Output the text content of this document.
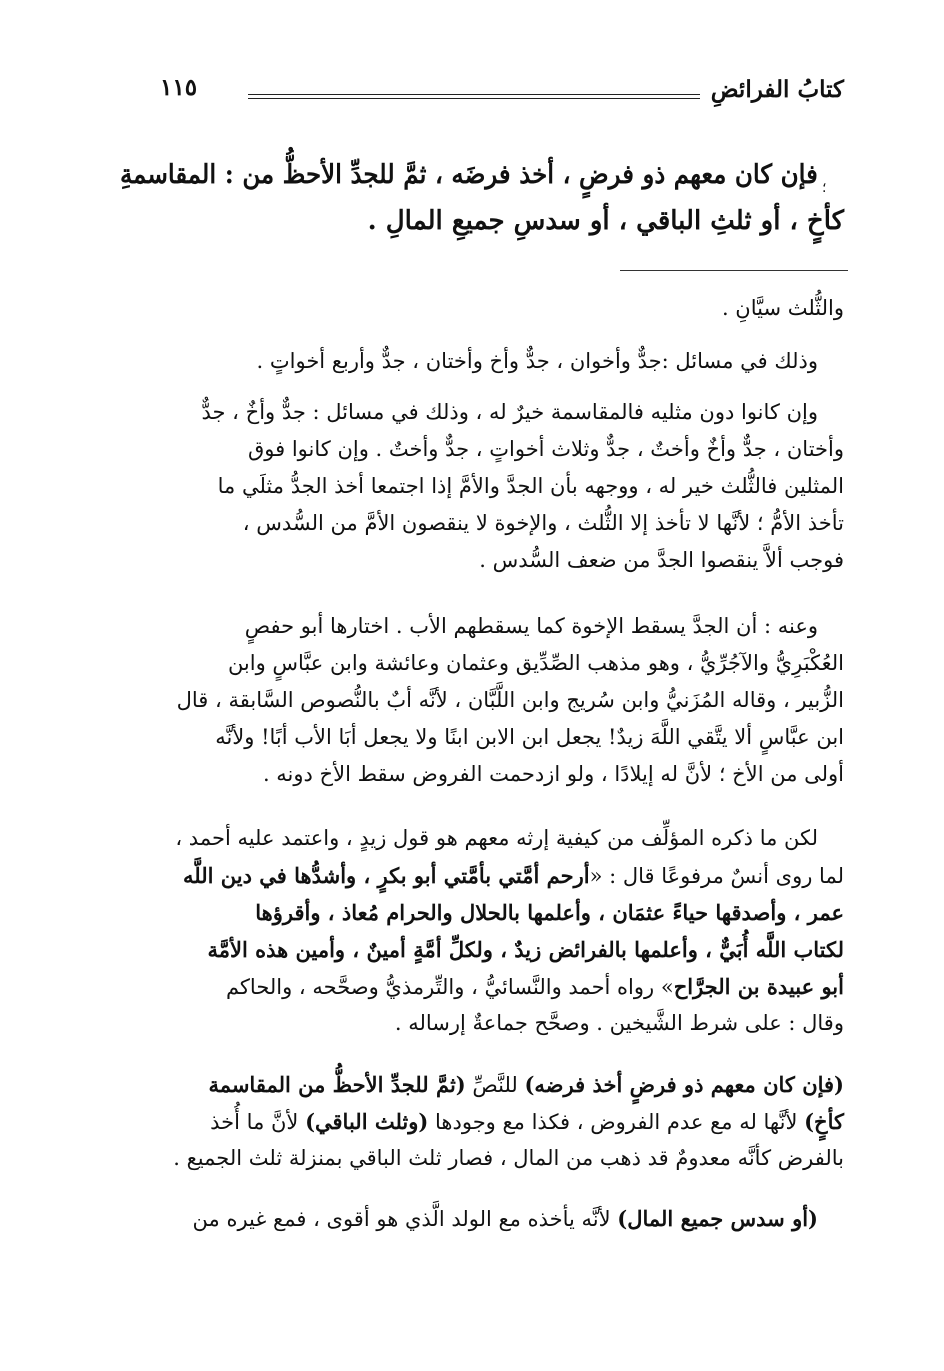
كتابُ الفرائضِ
١١٥
؛
فإن كان معهم ذو فرضٍ ، أخذ فرضَه ، ثمَّ للجدِّ الأحظُّ من : المقاسمةِ
كأخٍ ، أو ثلثِ الباقي ، أو سدسِ جميعِ المالِ .
والثُّلث سيَّانِ .
وذلك في مسائل :جدٌّ وأخوان ، جدٌّ وأخ وأختان ، جدٌّ وأربع أخواتٍ .
وإن كانوا دون مثليه فالمقاسمة خيرٌ له ، وذلك في مسائل : جدٌّ وأخٌ ، جدٌّ
وأختان ، جدٌّ وأخٌ وأختٌ ، جدٌّ وثلاث أخواتٍ ، جدٌّ وأختٌ . وإن كانوا فوق
المثلين فالثُّلث خير له ، ووجهه بأن الجدَّ والأمَّ إذا اجتمعا أخذ الجدُّ مثلَي ما
تأخذ الأمُّ ؛ لأنَّها لا تأخذ إلا الثُّلث ، والإخوة لا ينقصون الأمَّ من السُّدس ،
فوجب ألاَّ ينقصوا الجدَّ من ضعف السُّدس .
وعنه : أن الجدَّ يسقط الإخوة كما يسقطهم الأب . اختارها أبو حفصٍ
العُكْبَرِيُّ والآجُرِّيُّ ، وهو مذهب الصِّدِّيق وعثمان وعائشة وابن عبَّاسٍ وابن
الزُّبير ، وقاله المُزَنيُّ وابن سُريج وابن اللَّبَّان ، لأنَّه أبٌ بالنُّصوص السَّابقة ، قال
ابن عبَّاسٍ ألا يتَّقي اللَّهَ زيدٌ! يجعل ابن الابن ابنًا ولا يجعل أبَا الأب أبًا! ولأنَّه
أولى من الأخ ؛ لأنَّ له إيلادًا ، ولو ازدحمت الفروض سقط الأخ دونه .
لكن ما ذكره المؤلِّف من كيفية إرثه معهم هو قول زيدٍ ، واعتمد عليه أحمد ،
لما روى أنسٌ مرفوعًا قال : «أرحم أمَّتي بأمَّتي أبو بكرٍ ، وأشدُّها في دين اللَّه
عمر ، وأصدقها حياءً عثمَان ، وأعلمها بالحلال والحرام مُعاذ ، وأقرؤها
لكتاب اللَّه أُبَيٌّ ، وأعلمها بالفرائض زيدٌ ، ولكلِّ أمَّةٍ أمينٌ ، وأمين هذه الأمَّة
أبو عبيدة بن الجرَّاح» رواه أحمد والنَّسائيُّ ، والتِّرمذيُّ وصحَّحه ، والحاكم
وقال : على شرط الشَّيخين . وصحَّح جماعةٌ إرساله .
(فإن كان معهم ذو فرضٍ أخذ فرضه) للنَّصِّ (ثمَّ للجدِّ الأحظُّ من المقاسمة
كأخٍ) لأنَّها له مع عدم الفروض ، فكذا مع وجودها (وثلث الباقي) لأنَّ ما أُخذ
بالفرض كأنَّه معدومٌ قد ذهب من المال ، فصار ثلث الباقي بمنزلة ثلث الجميع .
(أو سدس جميع المال) لأنَّه يأخذه مع الولد الَّذي هو أقوى ، فمع غيره من
